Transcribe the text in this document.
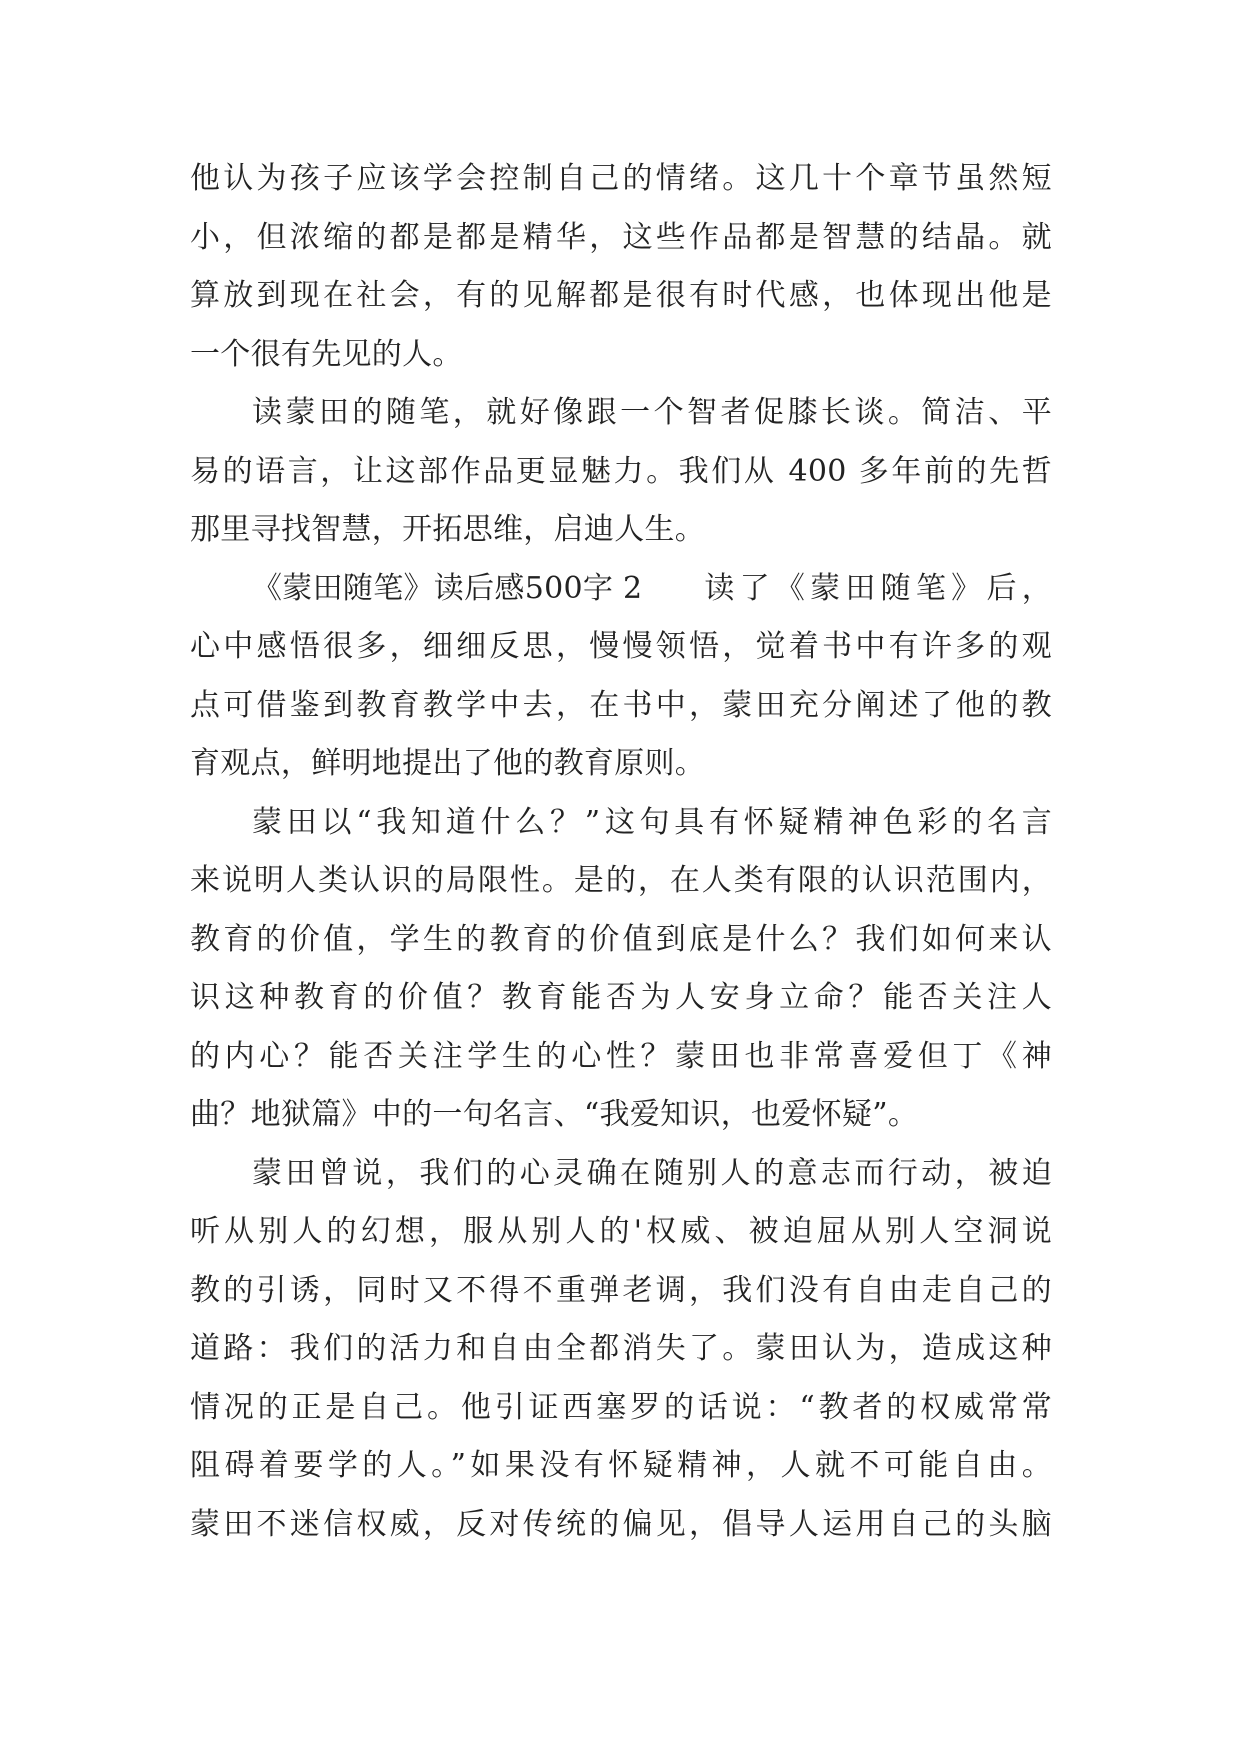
他认为孩子应该学会控制自己的情绪。这几十个章节虽然短
小，但浓缩的都是都是精华，这些作品都是智慧的结晶。就
算放到现在社会，有的见解都是很有时代感，也体现出他是
一个很有先见的人。
读蒙田的随笔，就好像跟一个智者促膝长谈。简洁、平
易的语言，让这部作品更显魅力。我们从 400 多年前的先哲
那里寻找智慧，开拓思维，启迪人生。
《蒙田随笔》读后感500字 2 读了《蒙田随笔》后，
心中感悟很多，细细反思，慢慢领悟，觉着书中有许多的观
点可借鉴到教育教学中去，在书中，蒙田充分阐述了他的教
育观点，鲜明地提出了他的教育原则。
蒙田以“我知道什么？”这句具有怀疑精神色彩的名言
来说明人类认识的局限性。是的，在人类有限的认识范围内，
教育的价值，学生的教育的价值到底是什么？我们如何来认
识这种教育的价值？教育能否为人安身立命？能否关注人
的内心？能否关注学生的心性？蒙田也非常喜爱但丁《神
曲？地狱篇》中的一句名言、“我爱知识，也爱怀疑”。
蒙田曾说，我们的心灵确在随别人的意志而行动，被迫
听从别人的幻想，服从别人的'权威、被迫屈从别人空洞说
教的引诱，同时又不得不重弹老调，我们没有自由走自己的
道路：我们的活力和自由全都消失了。蒙田认为，造成这种
情况的正是自己。他引证西塞罗的话说：“教者的权威常常
阻碍着要学的人。”如果没有怀疑精神，人就不可能自由。
蒙田不迷信权威，反对传统的偏见，倡导人运用自己的头脑
